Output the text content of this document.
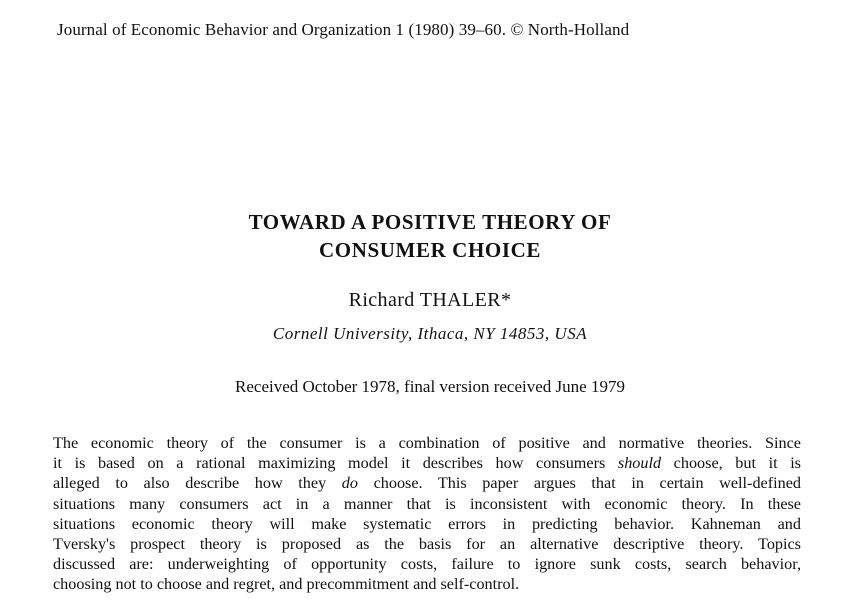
Journal of Economic Behavior and Organization 1 (1980) 39–60. © North-Holland
TOWARD A POSITIVE THEORY OF
CONSUMER CHOICE
Richard THALER*
Cornell University, Ithaca, NY 14853, USA
Received October 1978, final version received June 1979
The economic theory of the consumer is a combination of positive and normative theories. Since
it is based on a rational maximizing model it describes how consumers should choose, but it is
alleged to also describe how they do choose. This paper argues that in certain well-defined
situations many consumers act in a manner that is inconsistent with economic theory. In these
situations economic theory will make systematic errors in predicting behavior. Kahneman and
Tversky's prospect theory is proposed as the basis for an alternative descriptive theory. Topics
discussed are: underweighting of opportunity costs, failure to ignore sunk costs, search behavior,
choosing not to choose and regret, and precommitment and self-control.
